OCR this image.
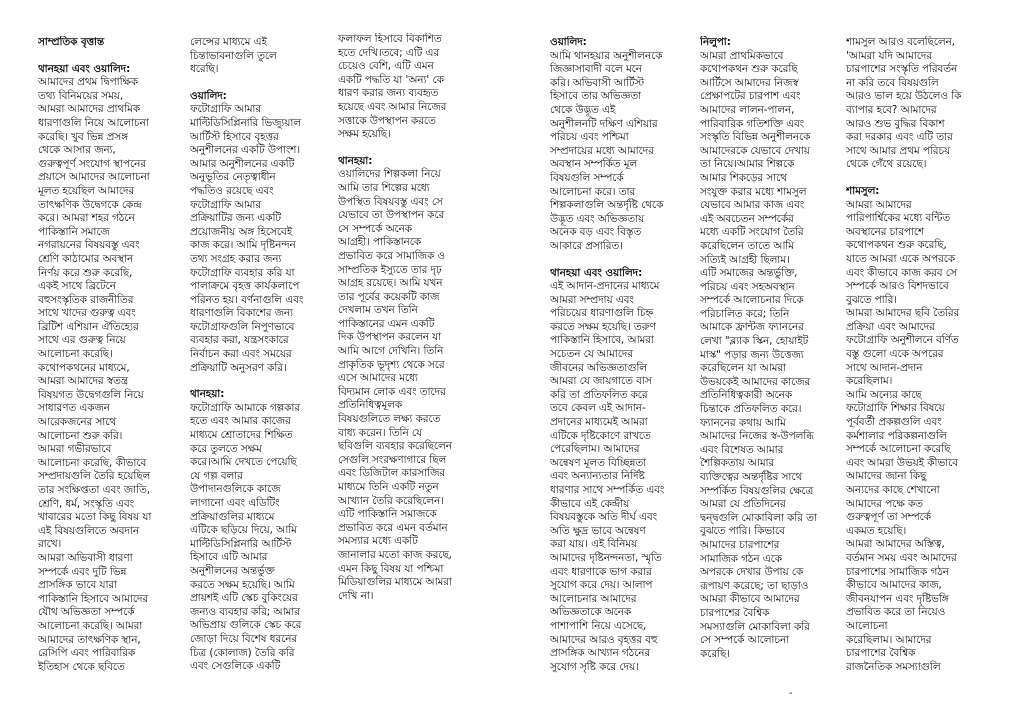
সাম্প্রতিক বৃত্তান্ত
থানহয়া এবং ওয়ালিদ:
আমাদের প্রথম দ্বিপাক্ষিক
তথ্য বিনিময়ের সময়,
আমরা আমাদের প্রাথমিক
ধারণাগুলি নিয়ে আলোচনা
করেছি। খুব ভিন্ন প্রসঙ্গ
থেকে আসার জন্য,
গুরুত্বপূর্ণ সংযোগ স্থাপনের
প্রয়াসে আমাদের আলোচনা
মূলত হয়েছিল আমাদের
তাৎক্ষণিক উদ্বেগকে কেন্দ্র
করে। আমরা শহর গঠনে
পাকিস্তানি সমাজে
নগরায়নের বিষয়বস্তু এবং
শ্রেণি কাঠামোর অবস্থান
নির্ণয় করে শুরু করেছি,
একই সাথে ব্রিটেনে
বহুসংস্কৃতিক রাজনীতির
সাথে খাদের গুরুত্ব এবং
ব্রিটিশ এশিয়ান ঐতিহ্যের
সাথে এর গুরুত্ব নিয়ে
আলোচনা করেছি।
কথোপকথনের মাধ্যমে,
আমরা আমাদের স্বতন্ত্র
বিষয়গত উদ্বেগগুলি নিয়ে
সাধারণত একজন
আরেকজনের সাথে
আলোচনা শুরু করি।
আমরা গভীরভাবে
আলোচনা করেছি, কীভাবে
সম্প্রদায়গুলি তৈরি হয়েছিল
তার সংক্ষিপ্ততা এবং জাতি,
শ্রেণি, ধর্ম, সংস্কৃতি এবং
খাবারের মতো কিছু বিষয় যা
এই বিষয়গুলিতে অবদান
রাখে।
আমরা অভিবাসী ধারণা
সম্পর্কে এবং দুটি ভিন্ন
প্রাসঙ্গিক ভাবে যারা
পাকিস্তানি হিসাবে আমাদের
যৌথ অভিজ্ঞতা সম্পর্কে
আলোচনা করেছি। আমরা
আমাদের তাৎক্ষণিক স্থান,
রেসিপি এবং পারিবারিক
ইতিহাস থেকে ছবিতে
লেন্সের মাধ্যমে এই
চিন্তাভাবনাগুলি তুলে
ধরেছি।
ওয়ালিদ:
ফটোগ্রাফি আমার
মাল্টিডিসিপ্লিনারি ভিজ্যুয়াল
আর্টিস্ট হিসাবে বৃহত্তর
অনুশীলনের একটি উপাংশ।
আমার অনুশীলনের একটি
অনুভূতির নেতৃত্বাধীন
পদ্ধতিও রয়েছে এবং
ফটোগ্রাফি আমার
প্রক্রিয়াটির জন্য একটি
প্রয়োজনীয় অঙ্গ হিসেবেই
কাজ করে। আমি দৃষ্টিনন্দন
তথ্য সংগ্রহ করার জন্য
ফটোগ্রাফি ব্যবহার করি যা
পালাক্রমে বৃহত্ত কার্যকলাপে
পরিনত হয়। বর্ণনাগুলি এবং
ধারণাগুলি বিকাশের জন্য
ফটোগ্রাফগুলি নিপুণভাবে
ব্যবহার করা, যন্ত্রসংকারে
নির্বাচন করা এবং সময়ের
প্রক্রিয়াটি অনুসরণ করি।
থানহয়া:
ফটোগ্রাফি আমাকে গল্পকার
হতে এবং আমার কাজের
মাধ্যমে শ্রোতাদের শিক্ষিত
করে তুলতে সক্ষম
করে।আমি দেখতে পেয়েছি
যে গল্প বলার
উপাদানগুলিকে কাজে
লাগানো এবং এডিটিং
প্রক্রিয়াগুলির মাধ্যমে
এটিকে ছড়িয়ে দিয়ে, আমি
মাল্টিডিসিপ্লিনারি আর্টিস্ট
হিসাবে এটি আমার
অনুশীলনের অন্তর্ভুক্ত
করতে সক্ষম হয়েছি। আমি
প্রায়শই এটি স্কেচ বুকিংয়ের
জন্যও ব্যবহার করি; আমার
অভিপ্রায় গুলিকে স্কেচ করে
জোড়া দিয়ে বিশেষ ধরনের
চিত্র (কোলাজ) তৈরি করি
এবং সেগুলিকে একটি
ফলাফল হিসাবে বিকাশিত
হতে দেখি।তবে; এটি এর
চেয়েও বেশি, এটি এমন
একটি পদ্ধতি যা 'অন্য' কে
ধারণ করার জন্য ব্যবহৃত
হয়েছে এবং আমার নিজের
সত্তাকে উপস্থাপন করতে
সক্ষম হয়েছি।
থানহয়া:
ওয়ালিদের শিল্পকলা নিয়ে
আমি তার শিল্পের মধ্যে
উপস্থিত বিষয়বস্তু এবং সে
যেভাবে তা উপস্থাপন করে
সে সম্পর্কে অনেক
আগ্রহী। পাকিস্তানকে
প্রভাবিত করে সামাজিক ও
সাম্প্রতিক ইস্যুতে তার দৃঢ়
আগ্রহ রয়েছে। আমি যখন
তার পূর্বের কয়েকটি কাজ
দেখলাম তখন তিনি
পাকিস্তানের এমন একটি
দিক উপস্থাপন করলেন যা
আমি আগে দেখিনি। তিনি
প্রাকৃতিক ভূদৃশ্য থেকে সরে
এসে আমাদের মধ্যে
বিদ্যমান লোক এবং তাদের
প্রতিনিধিত্বমূলক
বিষয়গুলিতে লক্ষ্য করতে
বাধ্য করেন। তিনি যে
ছবিগুলি ব্যবহার করেছিলেন
সেগুলি সংরক্ষণাগারে ছিল
এবং ডিজিটাল কারসাজির
মাধ্যমে তিনি একটি নতুন
আখ্যান তৈরি করেছিলেন।
এটি পাকিস্তানি সমাজকে
প্রভাবিত করে এমন বর্তমান
সমস্যার মধ্যে একটি
জানালার মতো কাজ করছে,
এমন কিছু বিষয় যা পশ্চিমা
মিডিয়াগুলির মাধ্যমে আমরা
দেখি না।
ওয়ালিদ:
আমি থানহয়ার অনুশীলনকে
জিজ্ঞাসাবাদী বলে মনে
করি। অভিবাসী আর্টিস্ট
হিসাবে তার অভিজ্ঞতা
থেকে উদ্ভূত এই
অনুশীলনটি দক্ষিণ এশিয়ার
পরিচয় এবং পশ্চিমা
সম্প্রদায়ের মধ্যে আমাদের
অবস্থান সম্পর্কিত মূল
বিষয়গুলি সম্পর্কে
আলোচনা করে। তার
শিল্পকলাগুলি অন্তর্দৃষ্টি থেকে
উদ্ভূত এবং অভিজ্ঞতায়
অনেক বড় এবং বিস্তৃত
আকারে প্রসারিত।
থানহয়া এবং ওয়ালিদ:
এই আদান-প্রদানের মাধ্যমে
আমরা সম্প্রদায় এবং
পরিচয়ের ধারণাগুলি চিহ্ন
করতে সক্ষম হয়েছি। তরুণ
পাকিস্তানি হিসাবে, আমরা
সচেতন যে আমাদের
জীবনের অভিজ্ঞতাগুলি
আমরা যে জায়গাতে বাস
করি তা প্রতিফলিত করে
তবে কেবল এই আদান-
প্রদানের মাধ্যমেই আমরা
এটিকে দৃষ্টিকোণে রাখতে
পেরেছিলাম। আমাদের
অন্বেষণ মূলত বিচ্ছিন্নতা
এবং অন্যান্যতার নির্দিষ্ট
ধারণার সাথে সম্পর্কিত এবং
কীভাবে এই কেন্দ্রীয়
বিষয়বস্তুকে অতি দীর্ঘ এবং
অতি ক্ষুদ্র ভাবে অন্বেষণ
করা যায়। এই বিনিময়
আমাদের দৃষ্টিনন্দনতা, স্মৃতি
এবং ধারণাকে ভাগ করার
সুযোগ করে দেয়। আলাপ
আলোচনার আমাদের
অভিজ্ঞতাকে অনেক
পাশাপাশি নিয়ে এসেছে,
আমাদের আরও বৃহত্তর বহু
প্রাসঙ্গিক আখ্যান গঠনের
সুযোগ সৃষ্টি করে দেয়।
নিলুপা:
আমরা প্রাথমিকভাবে
কথোপকথন শুরু করেছি
আর্টিসে আমাদের নিজস্ব
প্রেক্ষাপটের চারপাশ এবং
আমাদের লালন-পালন,
পারিবারিক গতিশক্তি এবং
সংস্কৃতি বিভিন্ন অনুশীলনকে
আমাদেরকে যেভাবে দেখায়
তা নিয়ে।আমার শিল্পকে
আমার শিকড়ের সাথে
সংযুক্ত করার মধ্যে শামসুল
যেভাবে আমার কাজ এবং
এই অবচেতন সম্পর্কের
মধ্যে একটি সংযোগ তৈরি
করেছিলেন তাতে আমি
সত্যিই আগ্রহী ছিলাম।
এটি সমাজের অন্তর্ভুক্তি,
পরিচয় এবং সহঅবস্থান
সম্পর্কে আলোচনার দিকে
পরিচালিত করে; তিনি
আমাকে ফ্রান্টজ ফ্যাননের
লেখা "ব্ল্যাক স্কিন, হোয়াইট
মাস্ক" পড়ার জন্য উত্তেজ্য
করেছিলেন যা আমরা
উভয়কেই আমাদের কাজের
প্রতিনিধিত্বকারী অনেক
চিন্তাকে প্রতিফলিত করে।
ফ্যাননের কথায় আমি
আমাদের নিজের স্ব-উপলব্ধি
এবং বিশেষত আমার
শৈল্পিকতায় আমার
ব্যক্তিত্বের অন্তর্দৃষ্টির সাথে
সম্পর্কিত বিষয়গুলির ক্ষেত্রে
আমরা যে প্রতিদিনের
দ্বন্দ্বগুলি মোকাবিলা করি তা
বুঝতে পারি। কিভাবে
আমাদের চারপাশের
সামাজিক গঠন একে
অপরকে দেখার উপায় কে
রূপায়ণ করেছে; তা ছাড়াও
আমরা কীভাবে আমাদের
চারপাশের বৈশ্বিক
সমস্যাগুলি মোকাবিলা করি
সে সম্পর্কে আলোচনা
করেছি।
শামসুল আরও বলেছিলেন,
'আমরা যদি আমাদের
চারপাশের সংস্কৃতি পরিবর্তন
না করি তবে বিষয়গুলি
আরও ভাল হয়ে উঠলেও কি
ব্যাপার হবে? আমাদের
আরও শুভ বুদ্ধির বিকাশ
করা দরকার এবং এটি তার
সাথে আমার প্রথম পরিচয়
থেকে গেঁথে রয়েছে।
শামসুল:
আমরা আমাদের
পারিপার্শ্বিকের মধ্যে বন্টিত
অবস্থানের চারপাশে
কথোপকথন শুরু করেছি,
যাতে আমরা একে অপরকে
এবং কীভাবে কাজ করব সে
সম্পর্কে আরও বিশদভাবে
বুঝতে পারি।
আমরা আমাদের ছবি তৈরির
প্রক্রিয়া এবং আমাদের
ফটোগ্রাফি অনুশীলনে বর্ণিত
বস্তু গুলো একে অপরের
সাথে আদান-প্রদান
করেছিলাম।
আমি অন্যের কাছে
ফটোগ্রাফি শিক্ষার বিষয়ে
পূর্ববর্তী প্রকল্পগুলি এবং
কর্মশালার পরিকল্পনাগুলি
সম্পর্কে আলোচনা করেছি
এবং আমরা উভয়ই কীভাবে
আমাদের জানা কিছু
অন্যদের কাছে শেখানো
আমাদের পক্ষে কত
গুরুত্বপূর্ণ তা সম্পর্কে
একমত হয়েছি।
আমরা আমাদের অস্তিত্ব,
বর্তমান সময় এবং আমাদের
চারপাশের সামাজিক গঠন
কীভাবে আমাদের কাজ,
জীবনযাপন এবং দৃষ্টিভঙ্গি
প্রভাবিত করে তা নিয়েও
আলোচনা
করেছিলাম। আমাদের
চারপাশের বৈশ্বিক
রাজনৈতিক সমস্যাগুলি
-
